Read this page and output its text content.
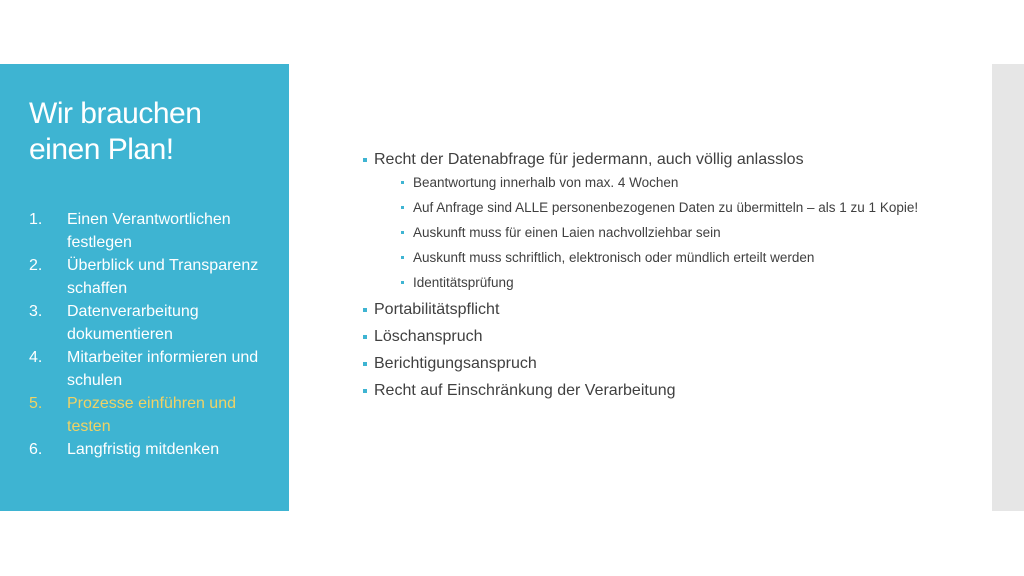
Wir brauchen einen Plan!
1. Einen Verantwortlichen festlegen
2. Überblick und Transparenz schaffen
3. Datenverarbeitung dokumentieren
4. Mitarbeiter informieren und schulen
5. Prozesse einführen und testen
6. Langfristig mitdenken
Recht der Datenabfrage für jedermann, auch völlig anlasslos
Beantwortung innerhalb von max. 4 Wochen
Auf Anfrage sind ALLE personenbezogenen Daten zu übermitteln – als 1 zu 1 Kopie!
Auskunft muss für einen Laien nachvollziehbar sein
Auskunft muss schriftlich, elektronisch oder mündlich erteilt werden
Identitätsprüfung
Portabilitätspflicht
Löschanspruch
Berichtigungsanspruch
Recht auf Einschränkung der Verarbeitung
